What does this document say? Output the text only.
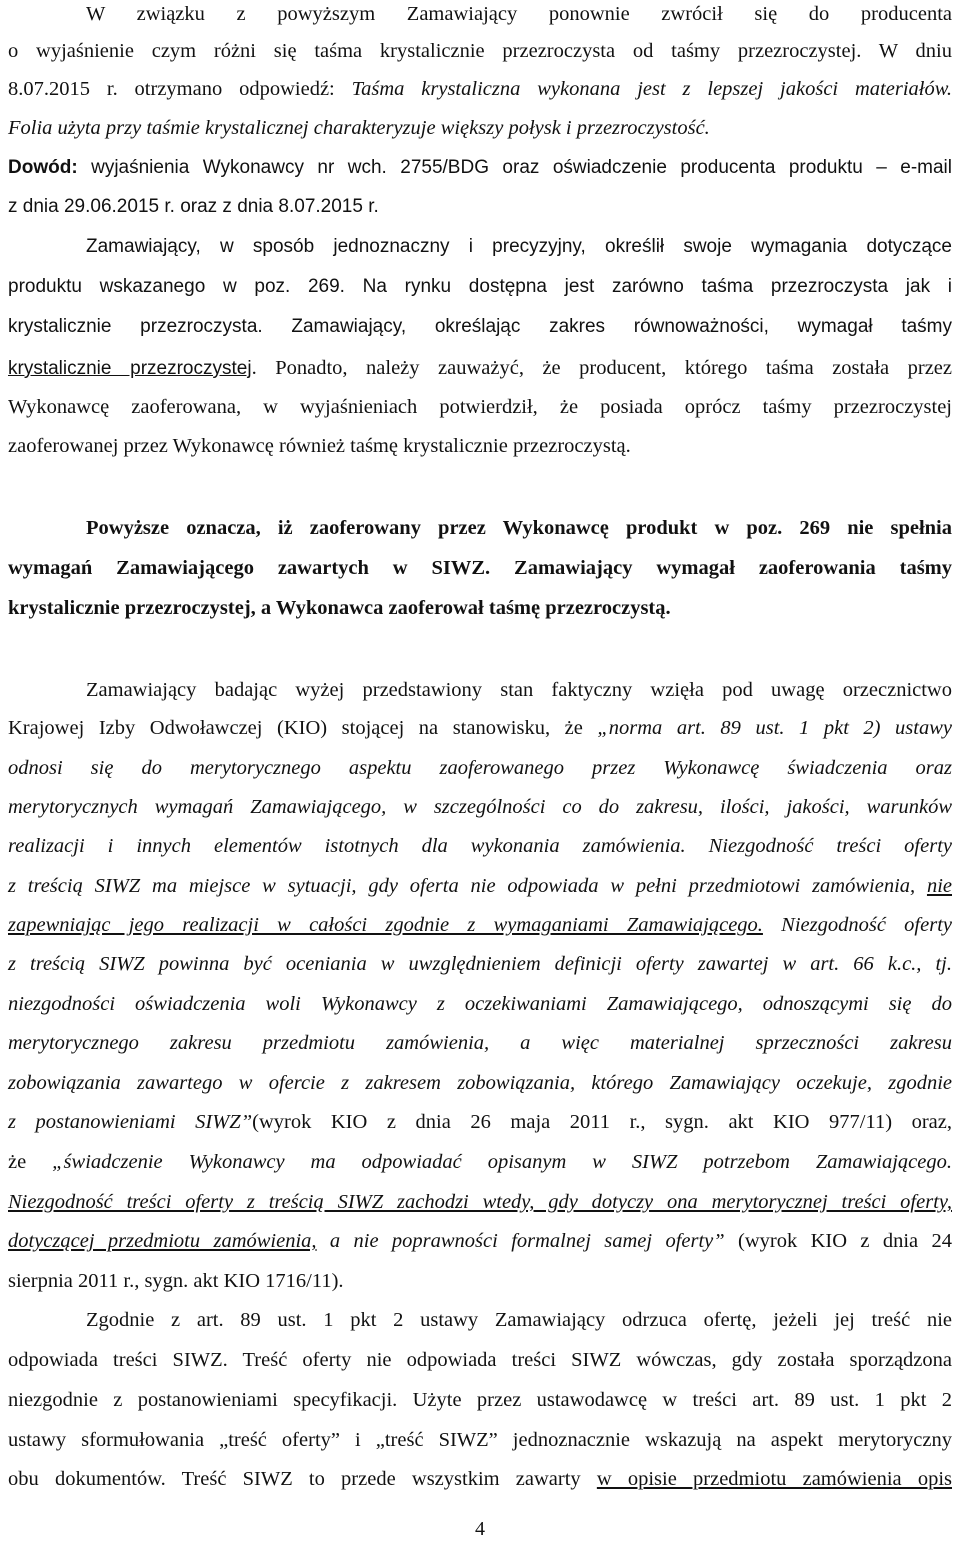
W związku z powyższym Zamawiający ponownie zwrócił się do producenta
o wyjaśnienie czym różni się taśma krystalicznie przezroczysta od taśmy przezroczystej. W dniu
8.07.2015 r. otrzymano odpowiedź: Taśma krystaliczna wykonana jest z lepszej jakości materiałów.
Folia użyta przy taśmie krystalicznej charakteryzuje większy połysk i przezroczystość.
Dowód: wyjaśnienia Wykonawcy nr wch. 2755/BDG oraz oświadczenie producenta produktu – e-mail
z dnia 29.06.2015 r. oraz z dnia 8.07.2015 r.
Zamawiający, w sposób jednoznaczny i precyzyjny, określił swoje wymagania dotyczące
produktu wskazanego w poz. 269. Na rynku dostępna jest zarówno taśma przezroczysta jak i
krystalicznie przezroczysta. Zamawiający, określając zakres równoważności, wymagał taśmy
krystalicznie przezroczystej. Ponadto, należy zauważyć, że producent, którego taśma została przez
Wykonawcę zaoferowana, w wyjaśnieniach potwierdził, że posiada oprócz taśmy przezroczystej
zaoferowanej przez Wykonawcę również taśmę krystalicznie przezroczystą.
Powyższe oznacza, iż zaoferowany przez Wykonawcę produkt w poz. 269 nie spełnia
wymagań Zamawiającego zawartych w SIWZ. Zamawiający wymagał zaoferowania taśmy
krystalicznie przezroczystej, a Wykonawca zaoferował taśmę przezroczystą.
Zamawiający badając wyżej przedstawiony stan faktyczny wzięła pod uwagę orzecznictwo
Krajowej Izby Odwoławczej (KIO) stojącej na stanowisku, że „norma art. 89 ust. 1 pkt 2) ustawy
odnosi się do merytorycznego aspektu zaoferowanego przez Wykonawcę świadczenia oraz
merytorycznych wymagań Zamawiającego, w szczególności co do zakresu, ilości, jakości, warunków
realizacji i innych elementów istotnych dla wykonania zamówienia. Niezgodność treści oferty
z treścią SIWZ ma miejsce w sytuacji, gdy oferta nie odpowiada w pełni przedmiotowi zamówienia, nie
zapewniając jego realizacji w całości zgodnie z wymaganiami Zamawiającego. Niezgodność oferty
z treścią SIWZ powinna być oceniania w uwzględnieniem definicji oferty zawartej w art. 66 k.c., tj.
niezgodności oświadczenia woli Wykonawcy z oczekiwaniami Zamawiającego, odnoszącymi się do
merytorycznego zakresu przedmiotu zamówienia, a więc materialnej sprzeczności zakresu
zobowiązania zawartego w ofercie z zakresem zobowiązania, którego Zamawiający oczekuje, zgodnie
z postanowieniami SIWZ”(wyrok KIO z dnia 26 maja 2011 r., sygn. akt KIO 977/11) oraz,
że „świadczenie Wykonawcy ma odpowiadać opisanym w SIWZ potrzebom Zamawiającego.
Niezgodność treści oferty z treścią SIWZ zachodzi wtedy, gdy dotyczy ona merytorycznej treści oferty,
dotyczącej przedmiotu zamówienia, a nie poprawności formalnej samej oferty” (wyrok KIO z dnia 24
sierpnia 2011 r., sygn. akt KIO 1716/11).
Zgodnie z art. 89 ust. 1 pkt 2 ustawy Zamawiający odrzuca ofertę, jeżeli jej treść nie
odpowiada treści SIWZ. Treść oferty nie odpowiada treści SIWZ wówczas, gdy została sporządzona
niezgodnie z postanowieniami specyfikacji. Użyte przez ustawodawcę w treści art. 89 ust. 1 pkt 2
ustawy sformułowania „treść oferty” i „treść SIWZ” jednoznacznie wskazują na aspekt merytoryczny
obu dokumentów. Treść SIWZ to przede wszystkim zawarty w opisie przedmiotu zamówienia opis
4
